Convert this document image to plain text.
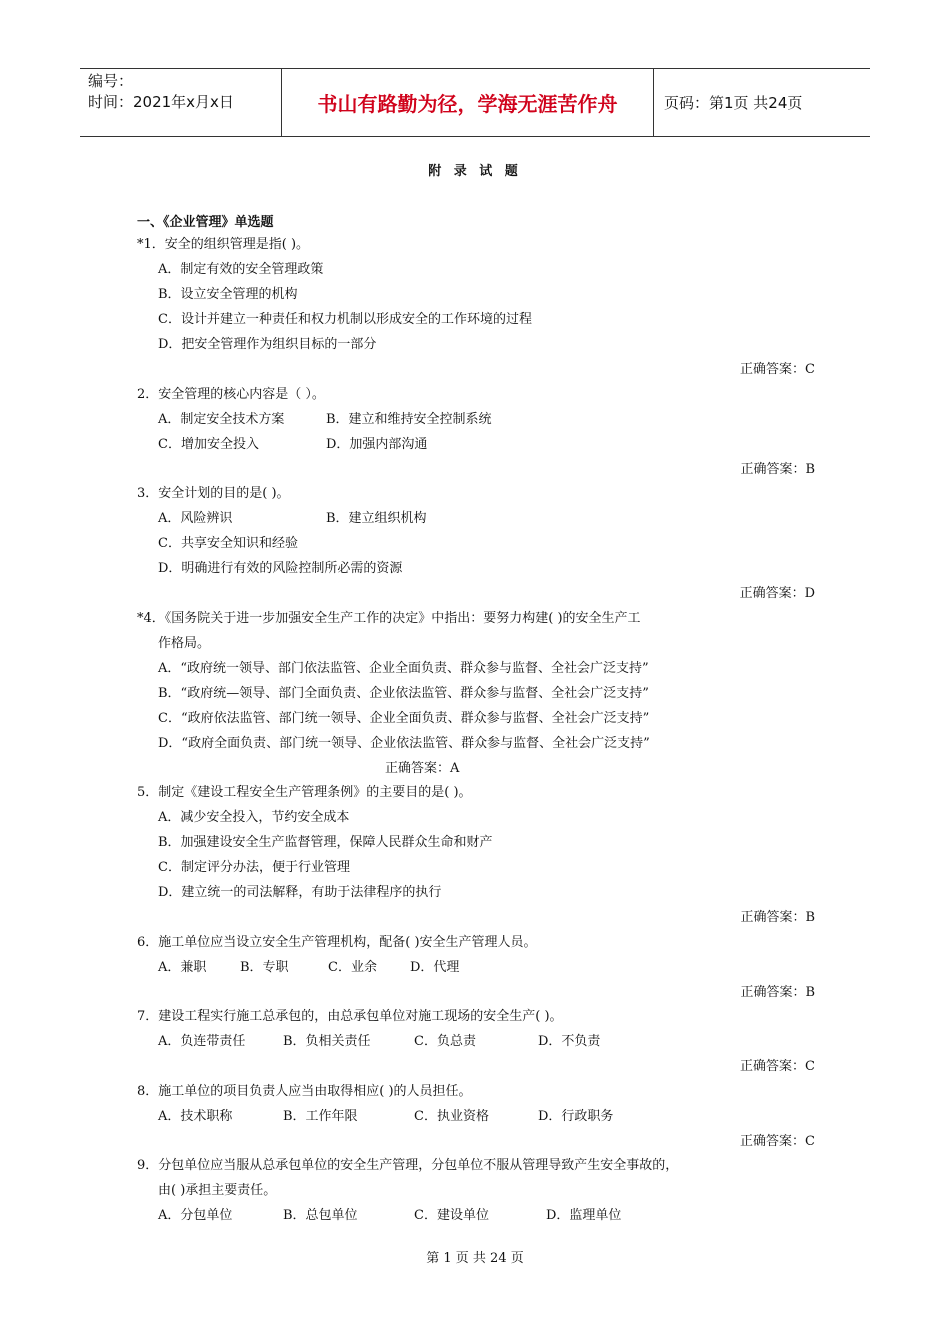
编号：
时间：2021年x月x日	书山有路勤为径，学海无涯苦作舟	页码：第1页 共24页
附 录 试 题
一、《企业管理》单选题
*1．安全的组织管理是指( )。
A．制定有效的安全管理政策
B．设立安全管理的机构
C．设计并建立一种责任和权力机制以形成安全的工作环境的过程
D．把安全管理作为组织目标的一部分
正确答案：C
2．安全管理的核心内容是（ ）。
A．制定安全技术方案	B．建立和维持安全控制系统
C．增加安全投入	D．加强内部沟通
正确答案：B
3．安全计划的目的是( )。
A．风险辨识	B．建立组织机构
C．共享安全知识和经验
D．明确进行有效的风险控制所必需的资源
正确答案：D
*4．《国务院关于进一步加强安全生产工作的决定》中指出：要努力构建( )的安全生产工
作格局。
A．“政府统一领导、部门依法监管、企业全面负责、群众参与监督、全社会广泛支持”
B．“政府统—领导、部门全面负责、企业依法监管、群众参与监督、全社会广泛支持”
C．“政府依法监管、部门统一领导、企业全面负责、群众参与监督、全社会广泛支持”
D．“政府全面负责、部门统一领导、企业依法监管、群众参与监督、全社会广泛支持”
正确答案：A
5．制定《建设工程安全生产管理条例》的主要目的是( )。
A．减少安全投入，节约安全成本
B．加强建设安全生产监督管理，保障人民群众生命和财产
C．制定评分办法，便于行业管理
D．建立统一的司法解释，有助于法律程序的执行
正确答案：B
6．施工单位应当设立安全生产管理机构，配备( )安全生产管理人员。
A．兼职	B．专职	C．业余	D．代理
正确答案：B
7．建设工程实行施工总承包的，由总承包单位对施工现场的安全生产( )。
A．负连带责任	B．负相关责任	C．负总责	D．不负责
正确答案：C
8．施工单位的项目负责人应当由取得相应( )的人员担任。
A．技术职称	B．工作年限	C．执业资格	D．行政职务
正确答案：C
9．分包单位应当服从总承包单位的安全生产管理，分包单位不服从管理导致产生安全事故的，
由( )承担主要责任。
A．分包单位	B．总包单位	C．建设单位	D．监理单位
第 1 页 共 24 页
